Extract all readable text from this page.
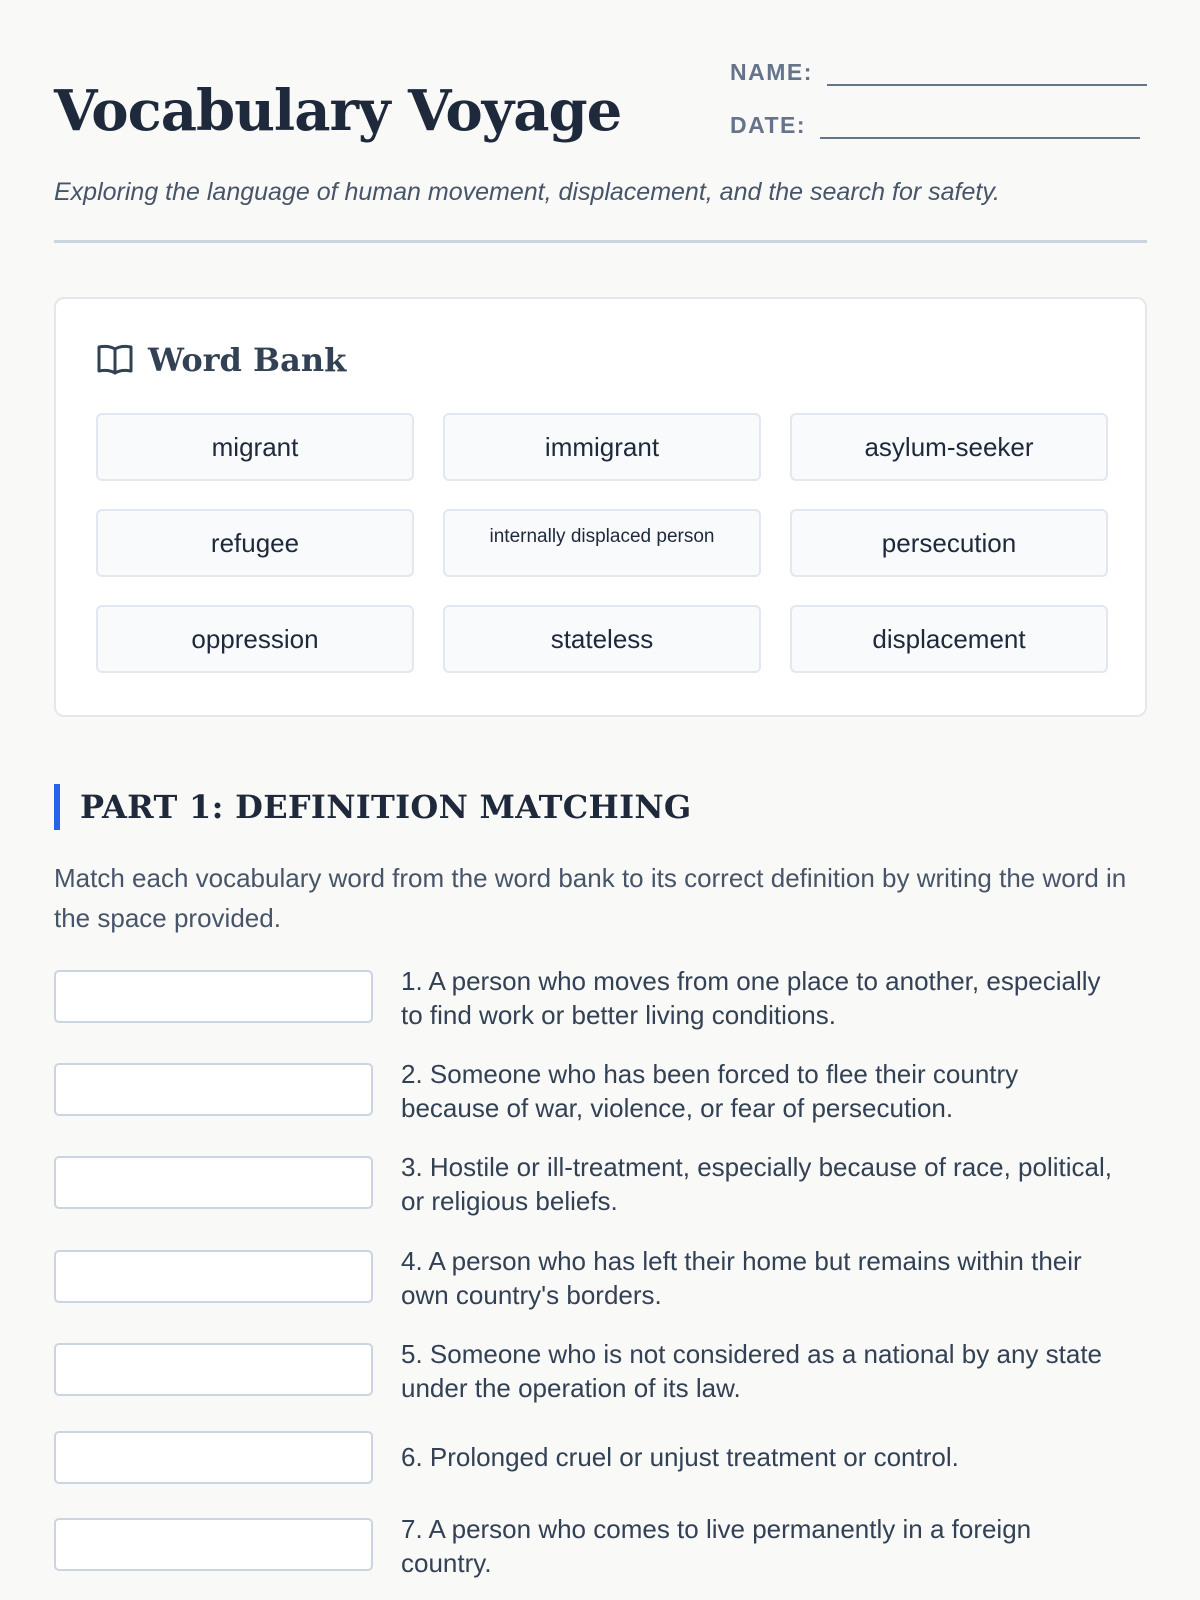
Vocabulary Voyage
NAME:
DATE:

Exploring the language of human movement, displacement, and the search for safety.

Word Bank
migrant	immigrant	asylum-seeker
refugee	internally displaced person	persecution
oppression	stateless	displacement
PART 1: DEFINITION MATCHING

Match each vocabulary word from the word bank to its correct definition by writing the word in the space provided.

1. A person who moves from one place to another, especially to find work or better living conditions.

2. Someone who has been forced to flee their country because of war, violence, or fear of persecution.

3. Hostile or ill-treatment, especially because of race, political, or religious beliefs.

4. A person who has left their home but remains within their own country's borders.

5. Someone who is not considered as a national by any state under the operation of its law.

6. Prolonged cruel or unjust treatment or control.

7. A person who comes to live permanently in a foreign country.
